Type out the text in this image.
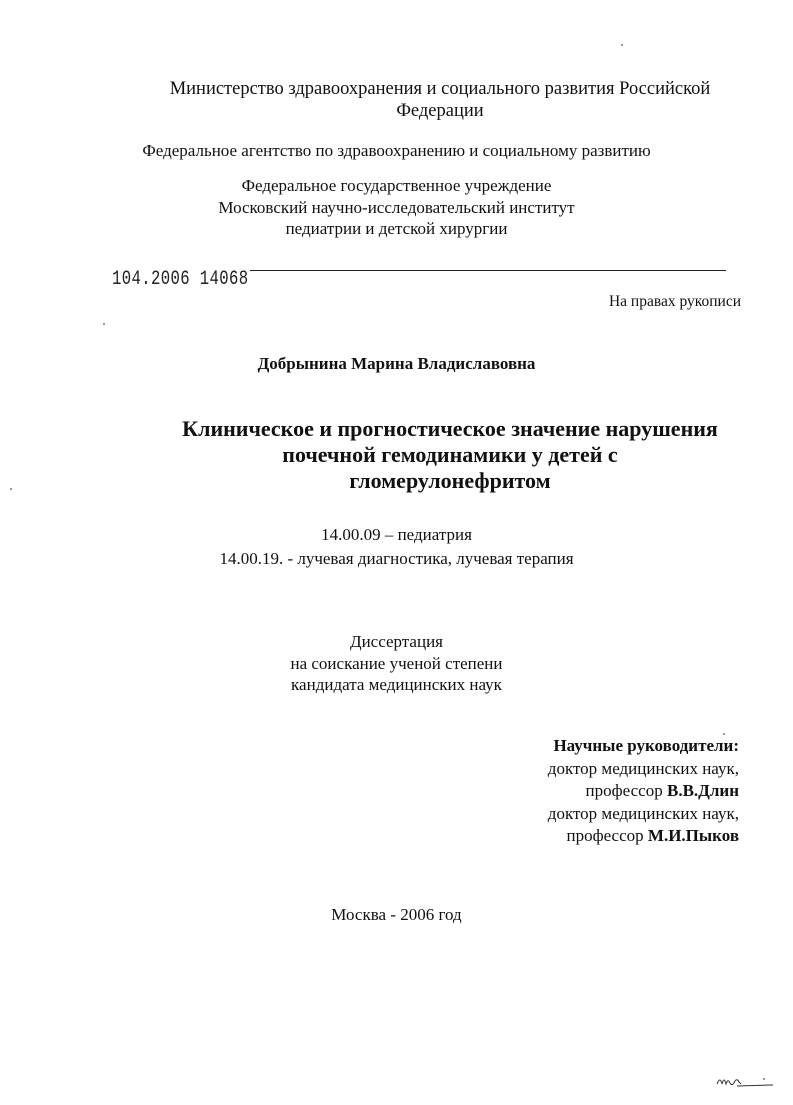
Министерство здравоохранения и социального развития Российской
Федерации
Федеральное агентство по здравоохранению и социальному развитию
Федеральное государственное учреждение
Московский научно-исследовательский институт
педиатрии и детской хирургии
104.2006 14068
На правах рукописи
Добрынина Марина Владиславовна
Клиническое и прогностическое значение нарушения
почечной гемодинамики у детей с
гломерулонефритом
14.00.09 – педиатрия
14.00.19. - лучевая диагностика, лучевая терапия
Диссертация
на соискание ученой степени
кандидата медицинских наук
Научные руководители:
доктор медицинских наук,
профессор В.В.Длин
доктор медицинских наук,
профессор М.И.Пыков
Москва - 2006 год
